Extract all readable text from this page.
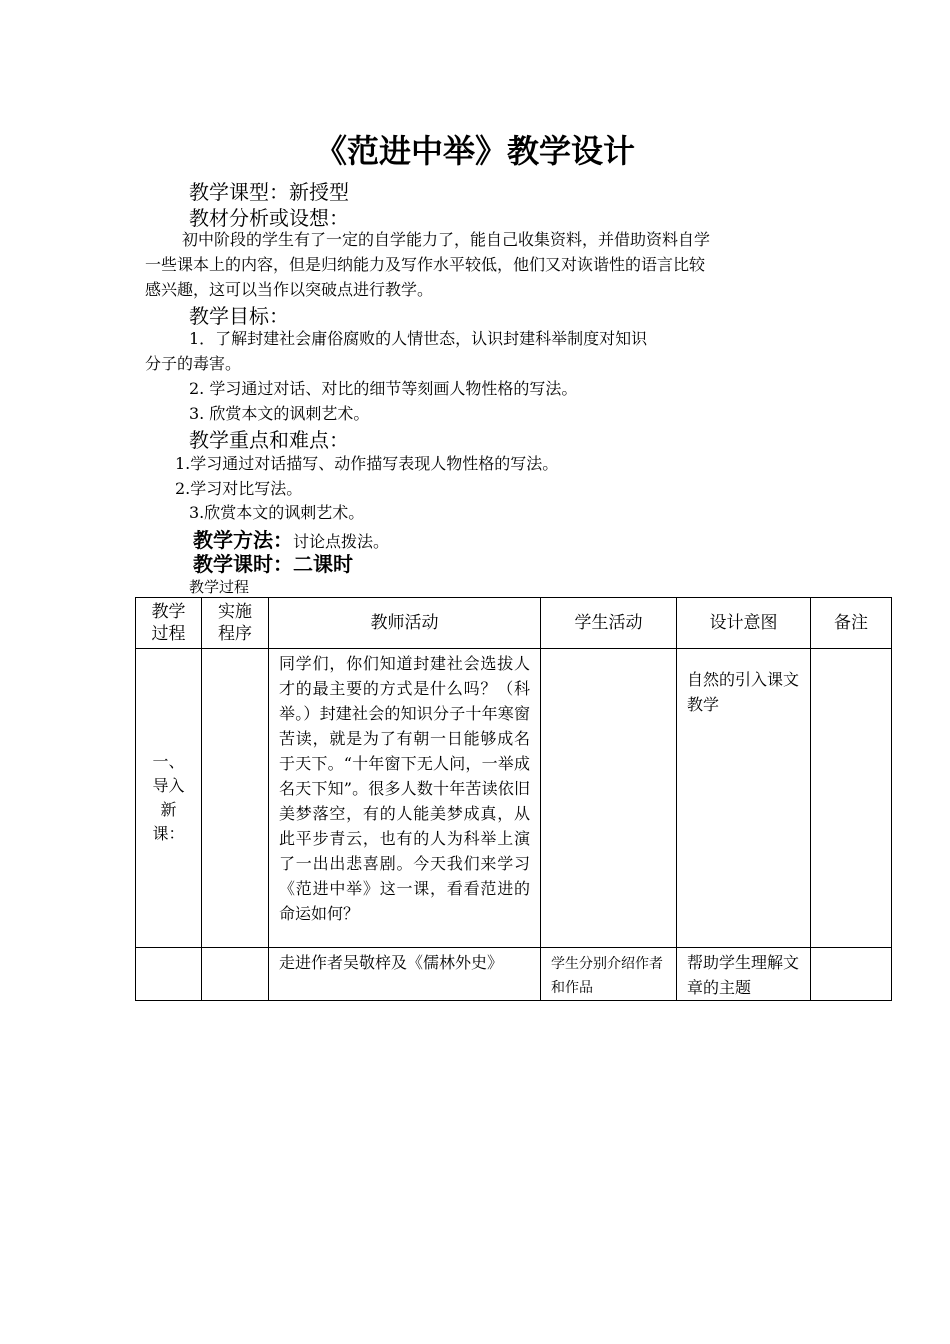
《范进中举》教学设计
教学课型：新授型
教材分析或设想：
初中阶段的学生有了一定的自学能力了，能自己收集资料，并借助资料自学
一些课本上的内容，但是归纳能力及写作水平较低，他们又对诙谐性的语言比较
感兴趣，这可以当作以突破点进行教学。
教学目标：
1．了解封建社会庸俗腐败的人情世态，认识封建科举制度对知识
分子的毒害。
2. 学习通过对话、对比的细节等刻画人物性格的写法。
3. 欣赏本文的讽刺艺术。
教学重点和难点：
1.学习通过对话描写、动作描写表现人物性格的写法。
2.学习对比写法。
3.欣赏本文的讽刺艺术。
教学方法：讨论点拨法。
教学课时：二课时
教学过程
教学过程	实施程序	教师活动	学生活动	设计意图	备注
一、导入新课：		同学们，你们知道封建社会选拔人才的最主要的方式是什么吗？（科举。）封建社会的知识分子十年寒窗苦读，就是为了有朝一日能够成名于天下。“十年窗下无人问，一举成名天下知”。很多人数十年苦读依旧美梦落空，有的人能美梦成真，从此平步青云，也有的人为科举上演了一出出悲喜剧。今天我们来学习《范进中举》这一课，看看范进的命运如何？		自然的引入课文教学	

		走进作者吴敬梓及《儒林外史》	学生分别介绍作者和作品	帮助学生理解文章的主题	
